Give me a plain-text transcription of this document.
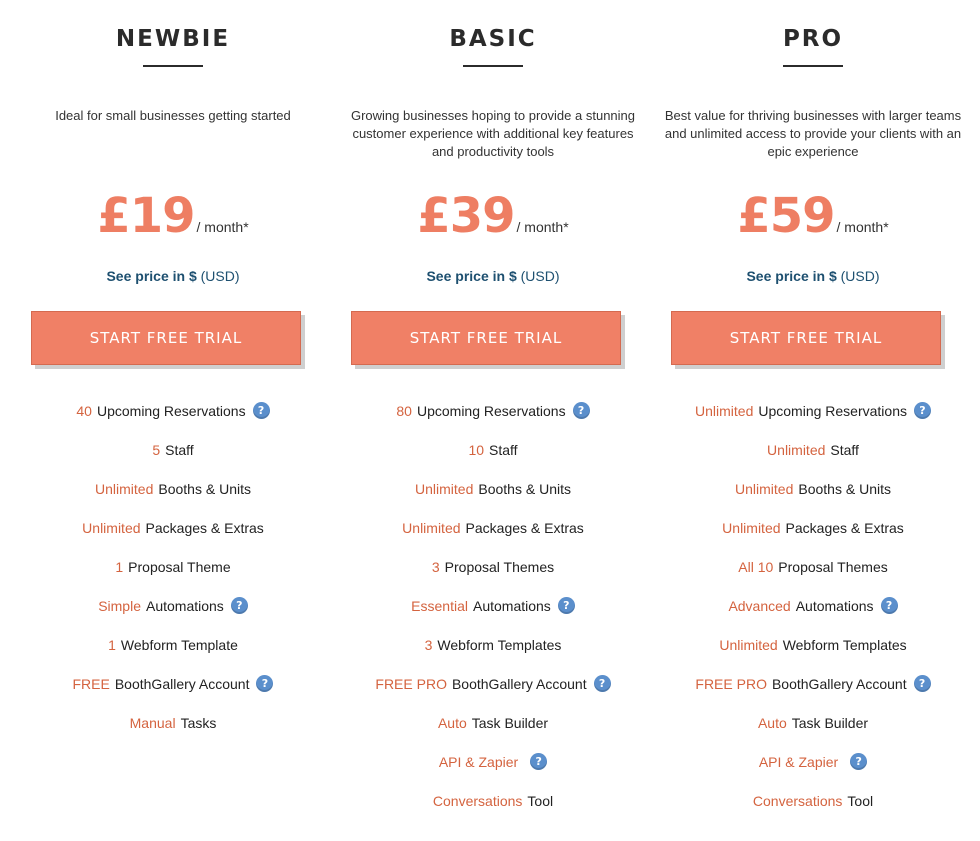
NEWBIE
Ideal for small businesses getting started
£19 / month*
See price in $ (USD)
START FREE TRIAL
40 Upcoming Reservations	?
5 Staff
Unlimited Booths & Units
Unlimited Packages & Extras
1 Proposal Theme
Simple Automations	?
1 Webform Template
FREE BoothGallery Account	?
Manual Tasks
BASIC
Growing businesses hoping to provide a stunning customer experience with additional key features and productivity tools
£39 / month*
See price in $ (USD)
START FREE TRIAL
80 Upcoming Reservations	?
10 Staff
Unlimited Booths & Units
Unlimited Packages & Extras
3 Proposal Themes
Essential Automations	?
3 Webform Templates
FREE PRO BoothGallery Account	?
Auto Task Builder
API & Zapier	?
Conversations Tool
PRO
Best value for thriving businesses with larger teams and unlimited access to provide your clients with an epic experience
£59 / month*
See price in $ (USD)
START FREE TRIAL
Unlimited Upcoming Reservations	?
Unlimited Staff
Unlimited Booths & Units
Unlimited Packages & Extras
All 10 Proposal Themes
Advanced Automations	?
Unlimited Webform Templates
FREE PRO BoothGallery Account	?
Auto Task Builder
API & Zapier	?
Conversations Tool
